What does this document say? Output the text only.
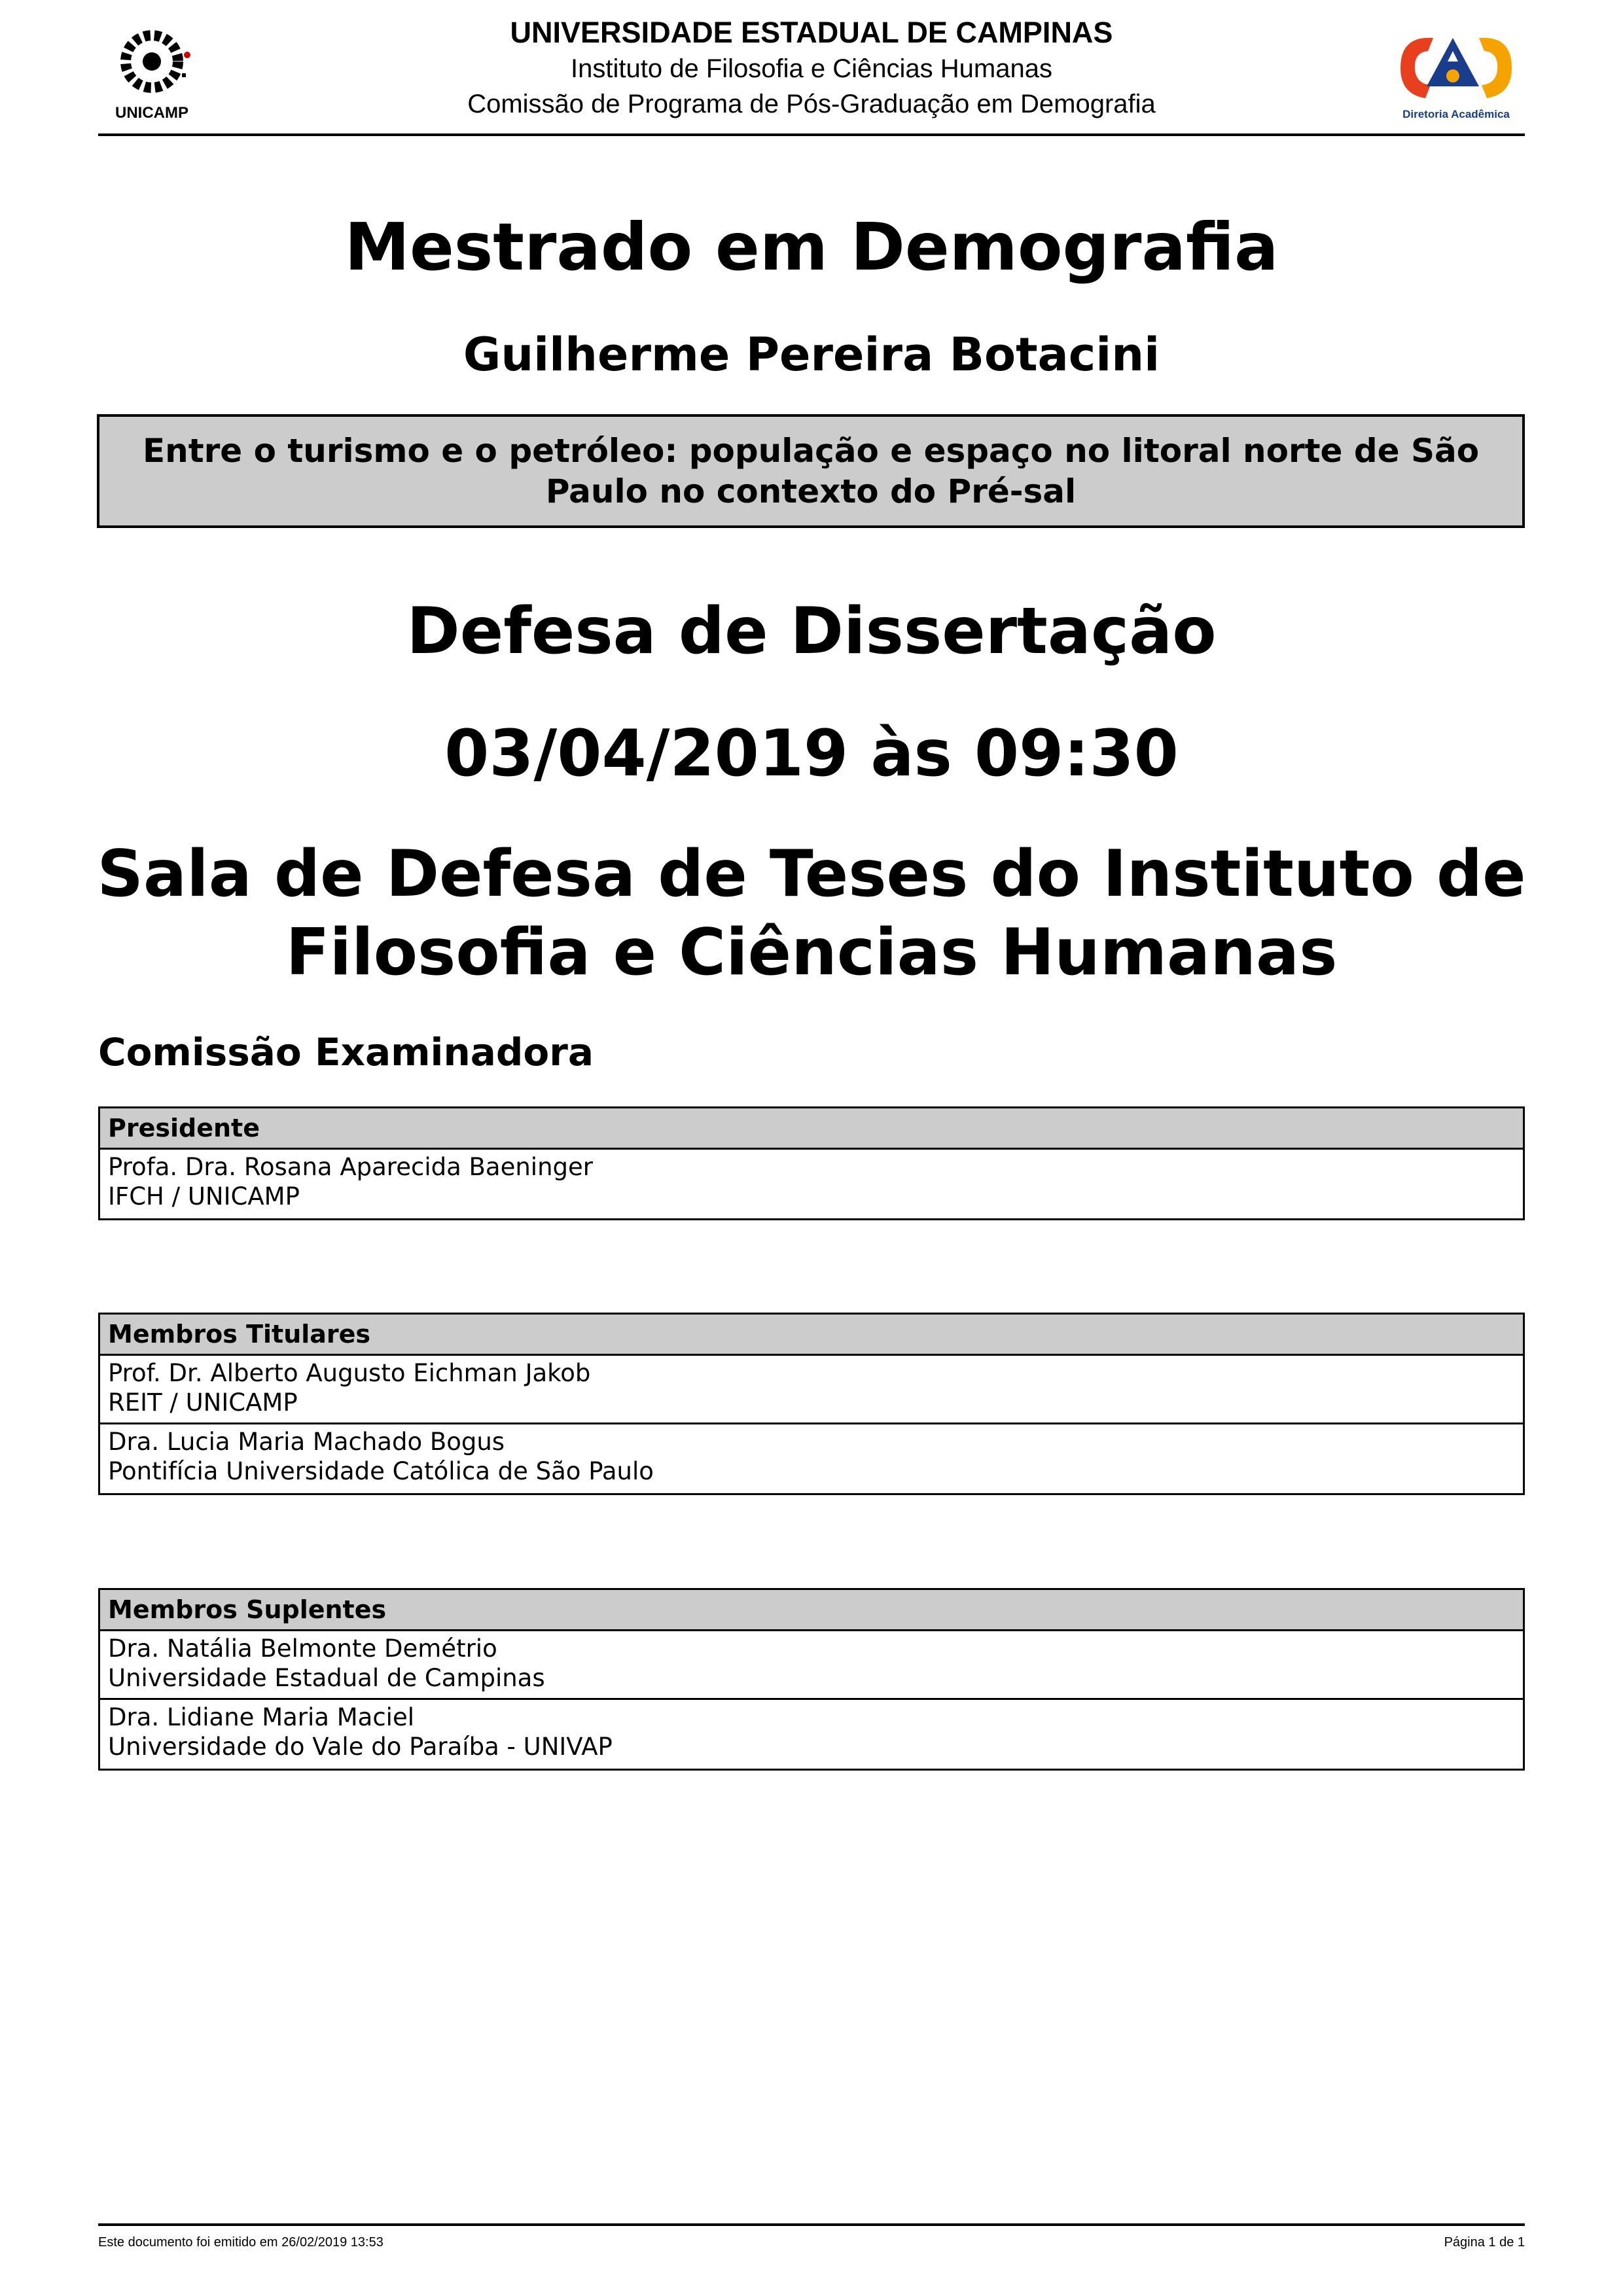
UNICAMP
UNIVERSIDADE ESTADUAL DE CAMPINAS
Instituto de Filosofia e Ciências Humanas
Comissão de Programa de Pós-Graduação em Demografia	Diretoria Acadêmica
Mestrado em Demografia
Guilherme Pereira Botacini
Entre o turismo e o petróleo: população e espaço no litoral norte de São Paulo no contexto do Pré-sal
Defesa de Dissertação
03/04/2019 às 09:30
Sala de Defesa de Teses do Instituto de Filosofia e Ciências Humanas
Comissão Examinadora
Presidente
Profa. Dra. Rosana Aparecida Baeninger
IFCH / UNICAMP
Membros Titulares
Prof. Dr. Alberto Augusto Eichman Jakob
REIT / UNICAMP
Dra. Lucia Maria Machado Bogus
Pontifícia Universidade Católica de São Paulo
Membros Suplentes
Dra. Natália Belmonte Demétrio
Universidade Estadual de Campinas
Dra. Lidiane Maria Maciel
Universidade do Vale do Paraíba - UNIVAP
Este documento foi emitido em 26/02/2019 13:53	Página 1 de 1
